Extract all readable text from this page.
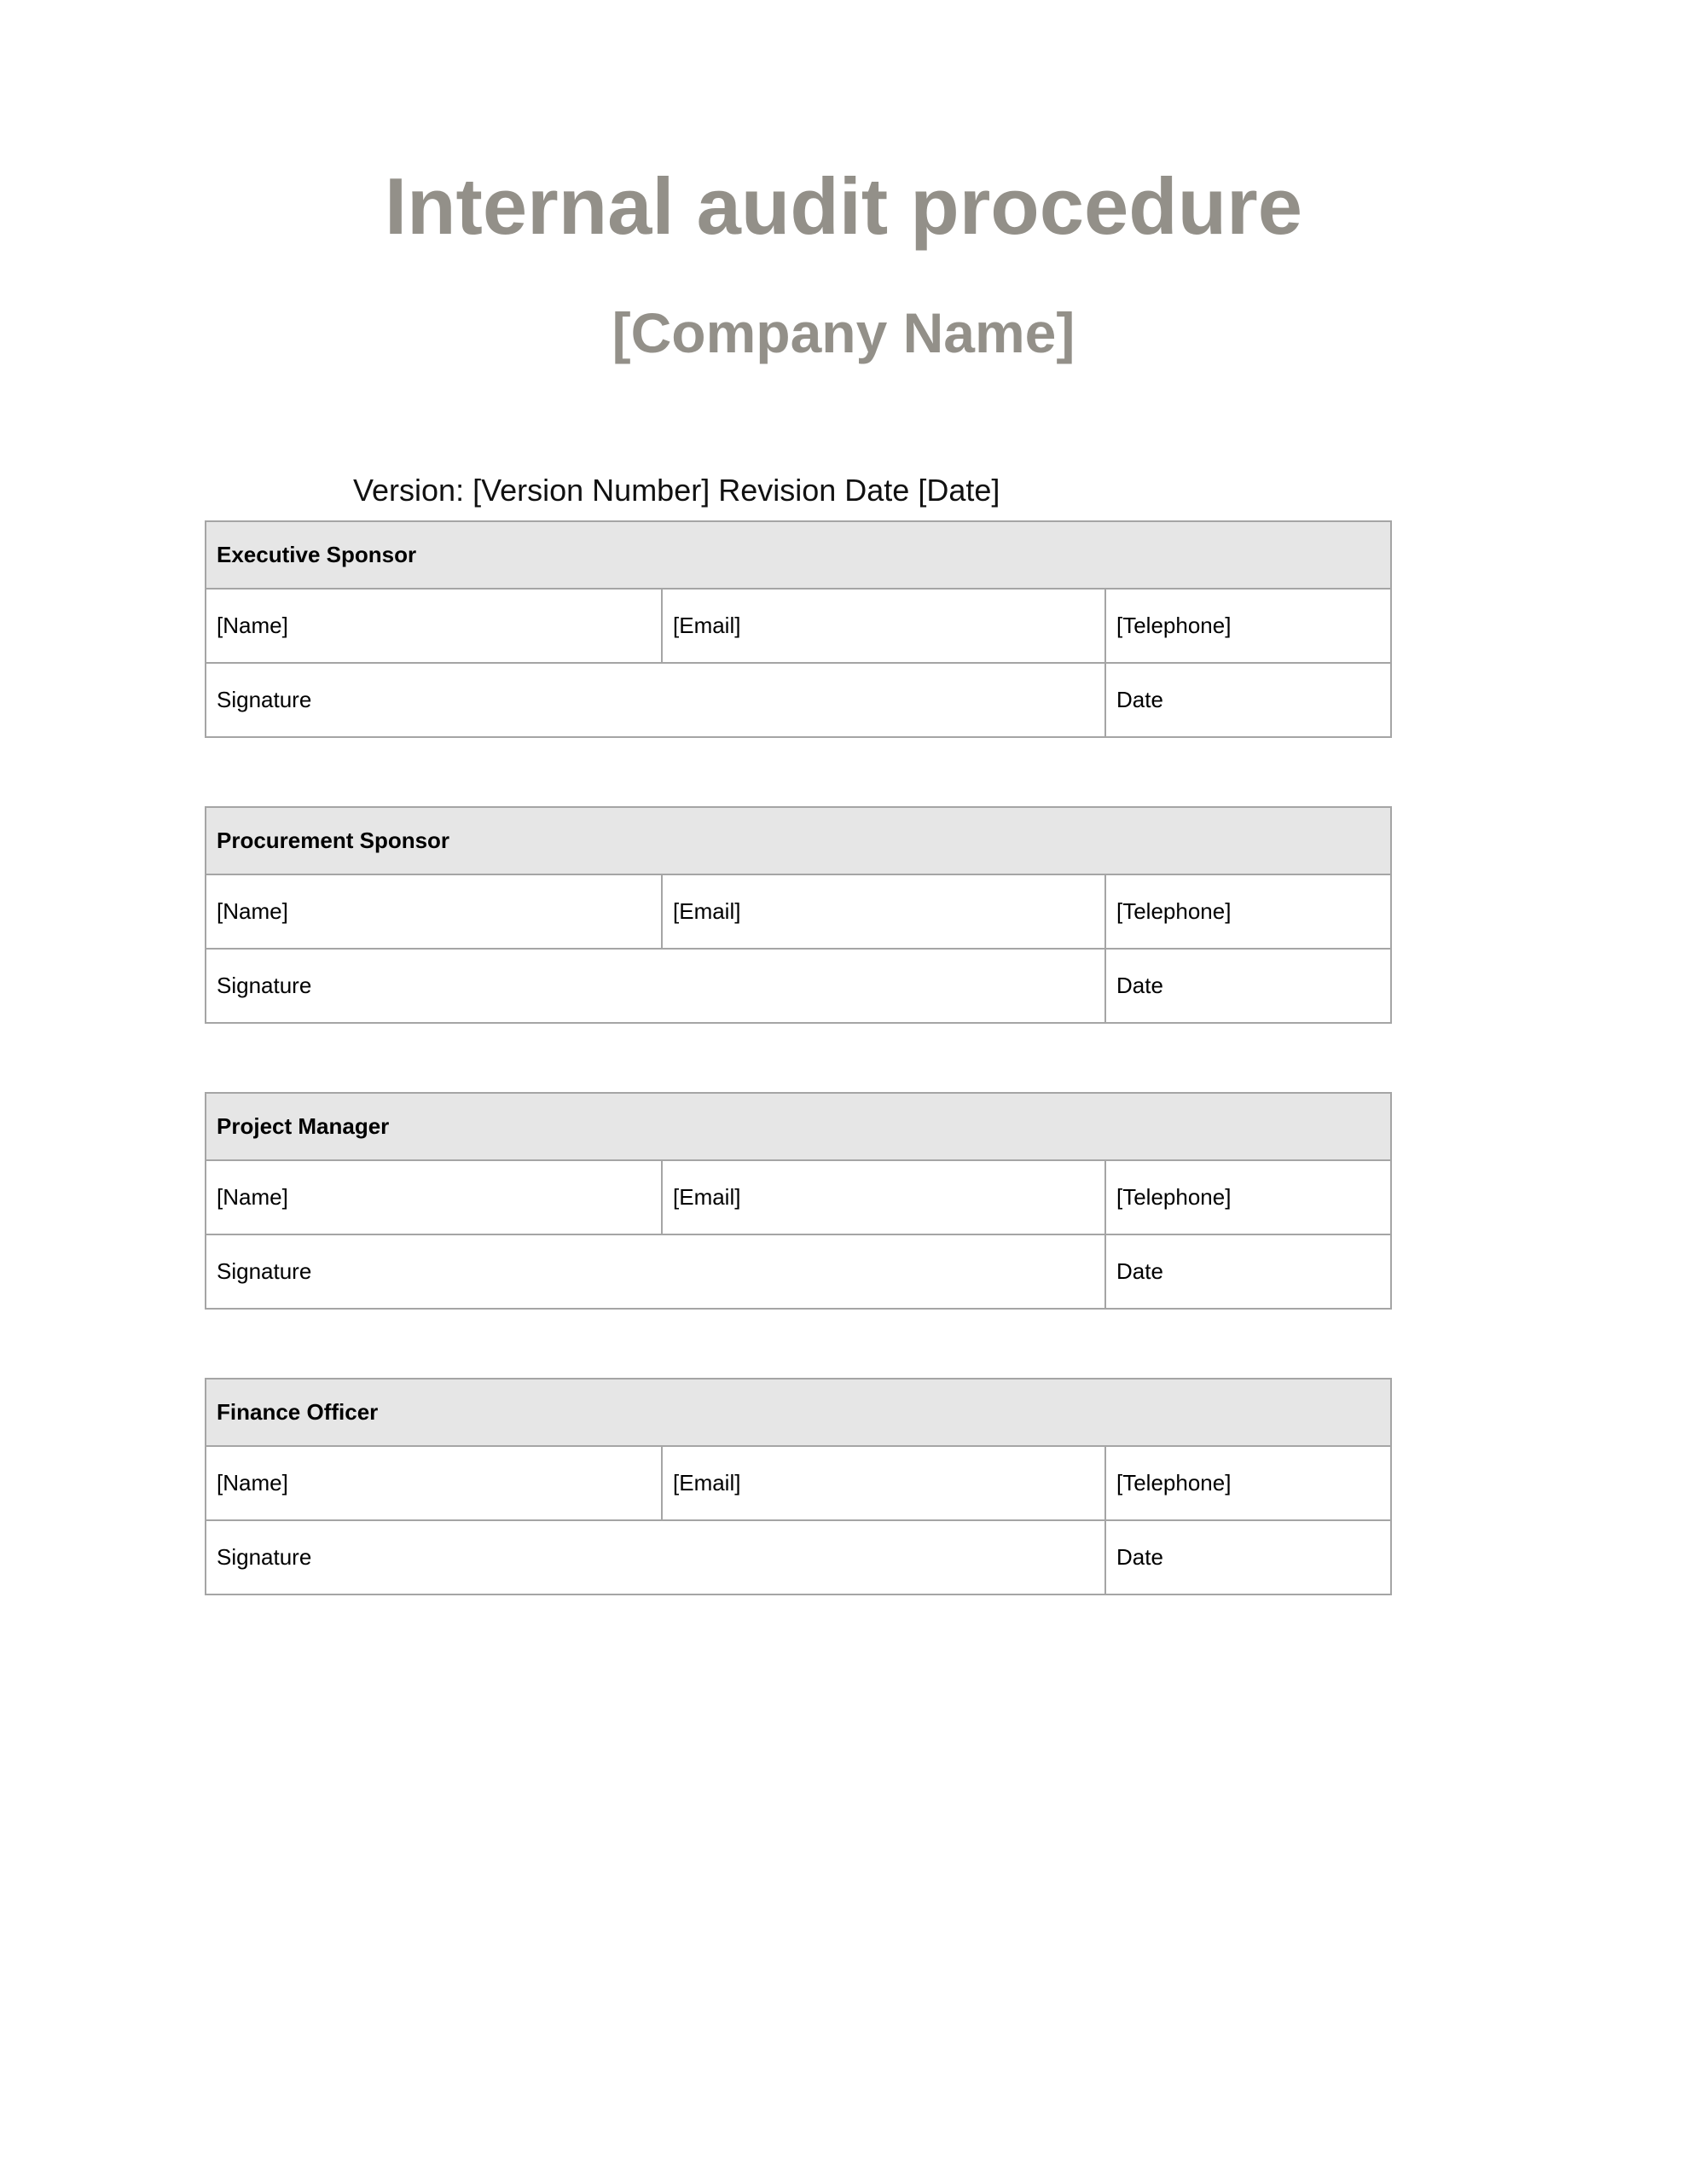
Internal audit procedure
[Company Name]
Version: [Version Number] Revision Date [Date]
Executive Sponsor		
[Name]	[Email]	[Telephone]
Signature		Date
Procurement Sponsor		
[Name]	[Email]	[Telephone]
Signature		Date
Project Manager		
[Name]	[Email]	[Telephone]
Signature		Date
Finance Officer		
[Name]	[Email]	[Telephone]
Signature		Date
